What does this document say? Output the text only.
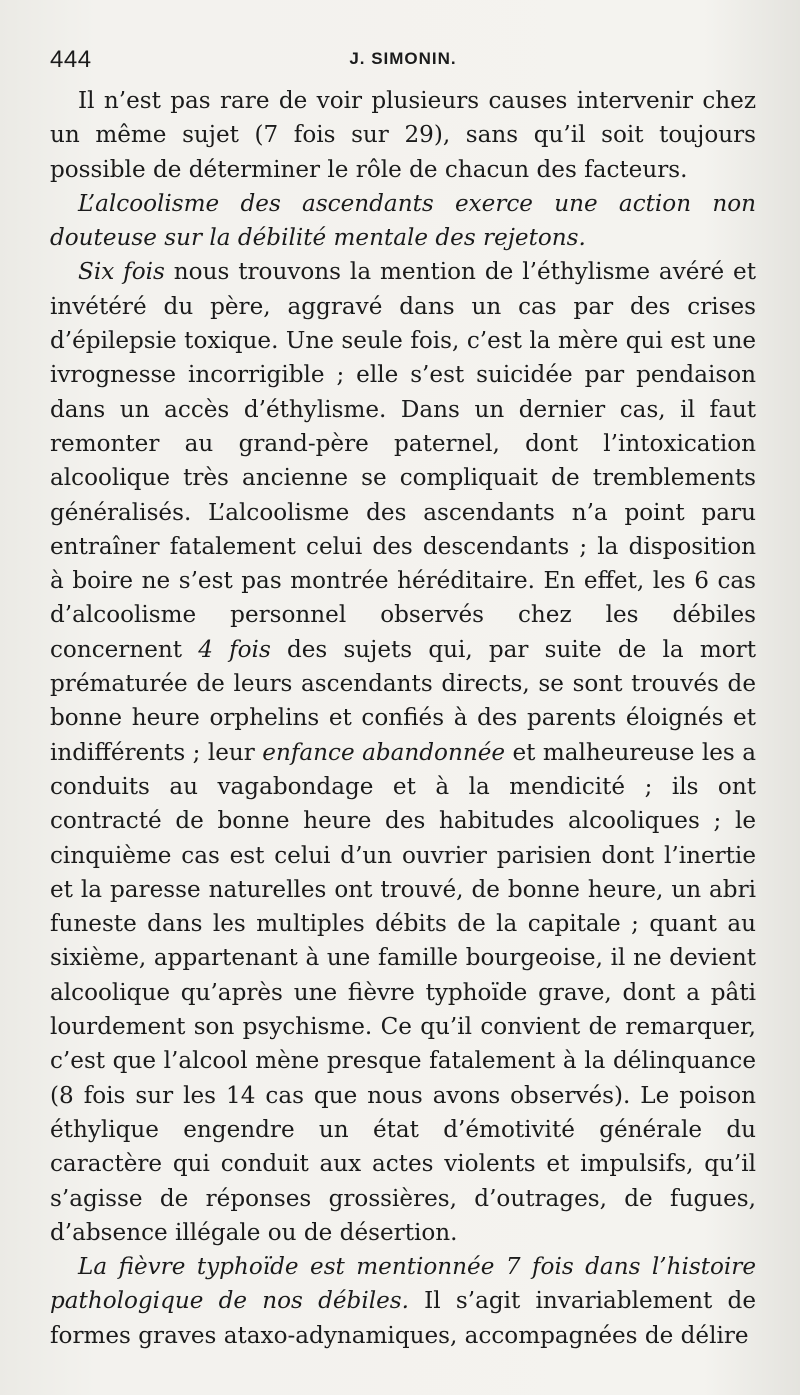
444	J. SIMONIN.

Il n’est pas rare de voir plusieurs causes intervenir chez un même sujet (7 fois sur 29), sans qu’il soit toujours possible de déterminer le rôle de chacun des facteurs.

L’alcoolisme des ascendants exerce une action non douteuse sur la débilité mentale des rejetons.

Six fois nous trouvons la mention de l’éthylisme avéré et invétéré du père, aggravé dans un cas par des crises d’épilepsie toxique. Une seule fois, c’est la mère qui est une ivrognesse incorrigible ; elle s’est suicidée par pendaison dans un accès d’éthylisme. Dans un dernier cas, il faut remonter au grand-père paternel, dont l’intoxication alcoolique très ancienne se compliquait de tremblements généralisés. L’alcoolisme des ascendants n’a point paru entraîner fatalement celui des descendants ; la disposition à boire ne s’est pas montrée héréditaire. En effet, les 6 cas d’alcoolisme personnel observés chez les débiles concernent 4 fois des sujets qui, par suite de la mort prématurée de leurs ascendants directs, se sont trouvés de bonne heure orphelins et confiés à des parents éloignés et indifférents ; leur enfance abandonnée et malheureuse les a conduits au vagabondage et à la mendicité ; ils ont contracté de bonne heure des habitudes alcooliques ; le cinquième cas est celui d’un ouvrier parisien dont l’inertie et la paresse naturelles ont trouvé, de bonne heure, un abri funeste dans les multiples débits de la capitale ; quant au sixième, appartenant à une famille bourgeoise, il ne devient alcoolique qu’après une fièvre typhoïde grave, dont a pâti lourdement son psychisme. Ce qu’il convient de remarquer, c’est que l’alcool mène presque fatalement à la délinquance (8 fois sur les 14 cas que nous avons observés). Le poison éthylique engendre un état d’émotivité générale du caractère qui conduit aux actes violents et impulsifs, qu’il s’agisse de réponses grossières, d’outrages, de fugues, d’absence illégale ou de désertion.

La fièvre typhoïde est mentionnée 7 fois dans l’histoire pathologique de nos débiles. Il s’agit invariablement de formes graves ataxo-adynamiques, accompagnées de délire
